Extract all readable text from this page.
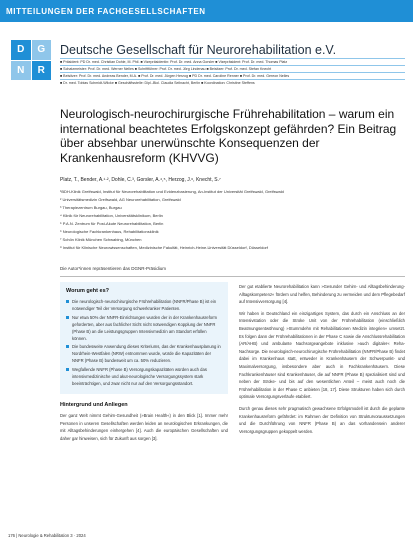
MITTEILUNGEN DER FACHGESELLSCHAFTEN
D	G
N	R
Deutsche Gesellschaft für Neurorehabilitation e.V.
■ Präsident: PD Dr. med. Christian Dohle, M. Phil. ■ Vizepräsidentin: Prof. Dr. med. Anna Gorsler ■ Vizepräsident: Prof. Dr. med. Thomas Platz
■ Schatzmeister: Prof. Dr. med. Werner Nelles ■ Schriftführer: Prof. Dr. med. Jörg Lindenau ■ Beisitzer: Prof. Dr. med. Stefan Knecht
■ Beisitzer: Prof. Dr. med. Andreas Bender, M.A. ■ Prof. Dr. med. Jürgen Herzog ■ PD Dr. med. Caroline Renner ■ Prof. Dr. med. Gereon Nelles
■ Dr. med. Tobias Schmidt-Wilcke ■ Geschäftsstelle: Dipl.-Biol. Claudia Seilnacht, Berlin ■ Koordination: Christine Steffens
Neurologisch-neurochirurgische Frührehabilitation – warum ein international beachtetes Erfolgskonzept gefährden? Ein Beitrag über absehbar unerwünschte Konsequenzen der Krankenhausreform (KHVVG)
Platz, T., Bender, A.¹·², Dohle, C.³, Gorsler, A.⁴,⁵, Herzog, J.⁶, Knecht, S.⁷
¹BDH-Klinik Greifswald, Institut für Neurorehabilitation und Evidenzbasierung, An-Institut der Universität Greifswald, Greifswald
² Universitätsmedizin Greifswald, AG Neurorehabilitation, Greifswald
³ Therapiezentrum Burgau, Burgau
⁴ Klinik für Neurorehabilitation, Universitätsklinikum, Berlin
⁵ P.A.N. Zentrum für Post-Akute Neurorehabilitation, Berlin
⁶ Neurologische Fachkrankenhaus, Rehabilitationsklinik
⁷ Schön Klinik München Schwabing, München
⁸ Institut für Klinische Neurowissenschaften, Medizinische Fakultät, Heinrich-Heine-Universität Düsseldorf, Düsseldorf
Die Autor*innen repräsentieren das DGNR-Präsidium
Worum geht es?
Die neurologisch-neurochirurgische Frührehabilitation (NNFR/Phase B) ist ein notwendiger Teil der Versorgung schwerkranker Patienten.
Nur etwa 50% der NNFR-Einrichtungen wurden der in der Krankenhausreform geforderten, aber aus fachlicher Sicht nicht notwendigen Kopplung der NNFR (Phase B) an die Leistungsgruppen Intensivmedizin am Standort erfüllen können.
Die bundesweite Anwendung dieses Kriteriums, das der Krankenhausplanung in Nordrhein-Westfalen (NRW) entnommen wurde, würde die Kapazitäten der NNFR (Phase B) bundesweit um ca. 50% reduzieren.
Wegfallende NNFR (Phase B) Versorgungskapazitäten würden auch das intensivmedizinische und akut-neurologische Versorgungssystem stark beeinträchtigen, und zwar nicht nur auf den Versorgungsstandort.
Hintergrund und Anliegen

Der ganz Welt nimmt Gehirn-Gesundheit (»Brain Health«) in den Blick [1]. Immer mehr Personen in unseren Gesellschaften werden leiden an neurologischen Erkrankungen, die mit Alltagsbehinderungen einhergehen [4]. Auch die europäischen Gesellschaften und daher gar hinweisen, sich für Zukunft aus sorgen [3].

Der gut etablierte Neurorehabilitation kann »Gesunder Gehirn- und Alltagsbehinderung-Alltagskompetenz« fördern und helfen, Behinderung zu vermeiden und dem Pflegebedarf auf Intensivversorgung [4].

Wir haben in Deutschland ein einzigartiges System, das durch ein Anschluss an der Intensivstation oder die Stroke Unit von der Frührehabilitation (einschließlich Beatmungsentwöhnung) »Stummdehn mit Rehabilitationen Medizin integrien« umsetzt. Es folgen dann der Frührehabilitationen in der Phase C sowie die Anschlussrehabilitation (AR/AHB) und ambulante Nachsorgeangebote inklusive »auch digitaler« Reha-Nachsorge. Die neurologisch-neurochirurgische Frührehabilitation (NNFR/Phase B) findet dabei im Krankenhaus statt, entweder in Krankenhäusern der Schwerpunkt- und Maximalversorgung, insbesondere aber auch in Fachkrankenhäusern. Diese Fachkrankenhäuser sind Krankenhäuser, die auf NNFR (Phase B) spezialisiert sind und neben der Stroke- und bis auf den wesentlichen Anteil – meist auch noch die Frührehabilitation in der Phase C anbieten [18, 17]. Diese Strukturen haben sich durch optimale Versorgungsverläufe etabliert.

Durch genau dieses sehr pragmatisch gewachsene Erfolgsmodell ist durch die geplante Krankenhausreform gefährdet: im Rahmen der Definition von Strukturvoraussetzungen und die Durchführung von NNFR (Phase B) an das vorhandensein anderer Versorgungsgruppen gekoppelt werden.

176 | Neurologie & Rehabilitation 3 · 2024
